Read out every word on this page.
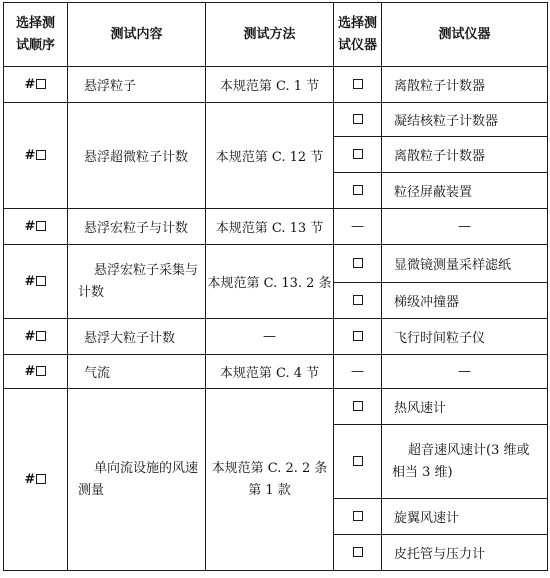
选择测试顺序	测试内容	测试方法	选择测试仪器	测试仪器
#	悬浮粒子	本规范第 C. 1 节		离散粒子计数器
#	悬浮超微粒子计数	本规范第 C. 12 节		凝结核粒子计数器
				离散粒子计数器
				粒径屏蔽装置
#	悬浮宏粒子与计数	本规范第 C. 13 节	—	—
#	悬浮宏粒子采集与计数	本规范第 C. 13. 2 条		显微镜测量采样滤纸
				梯级冲撞器
#	悬浮大粒子计数	—		飞行时间粒子仪
#	气流	本规范第 C. 4 节	—	—
#	单向流设施的风速测量	本规范第 C. 2. 2 条第 1 款		热风速计

				超音速风速计(3 维或相当 3 维)

				旋翼风速计
				皮托管与压力计
